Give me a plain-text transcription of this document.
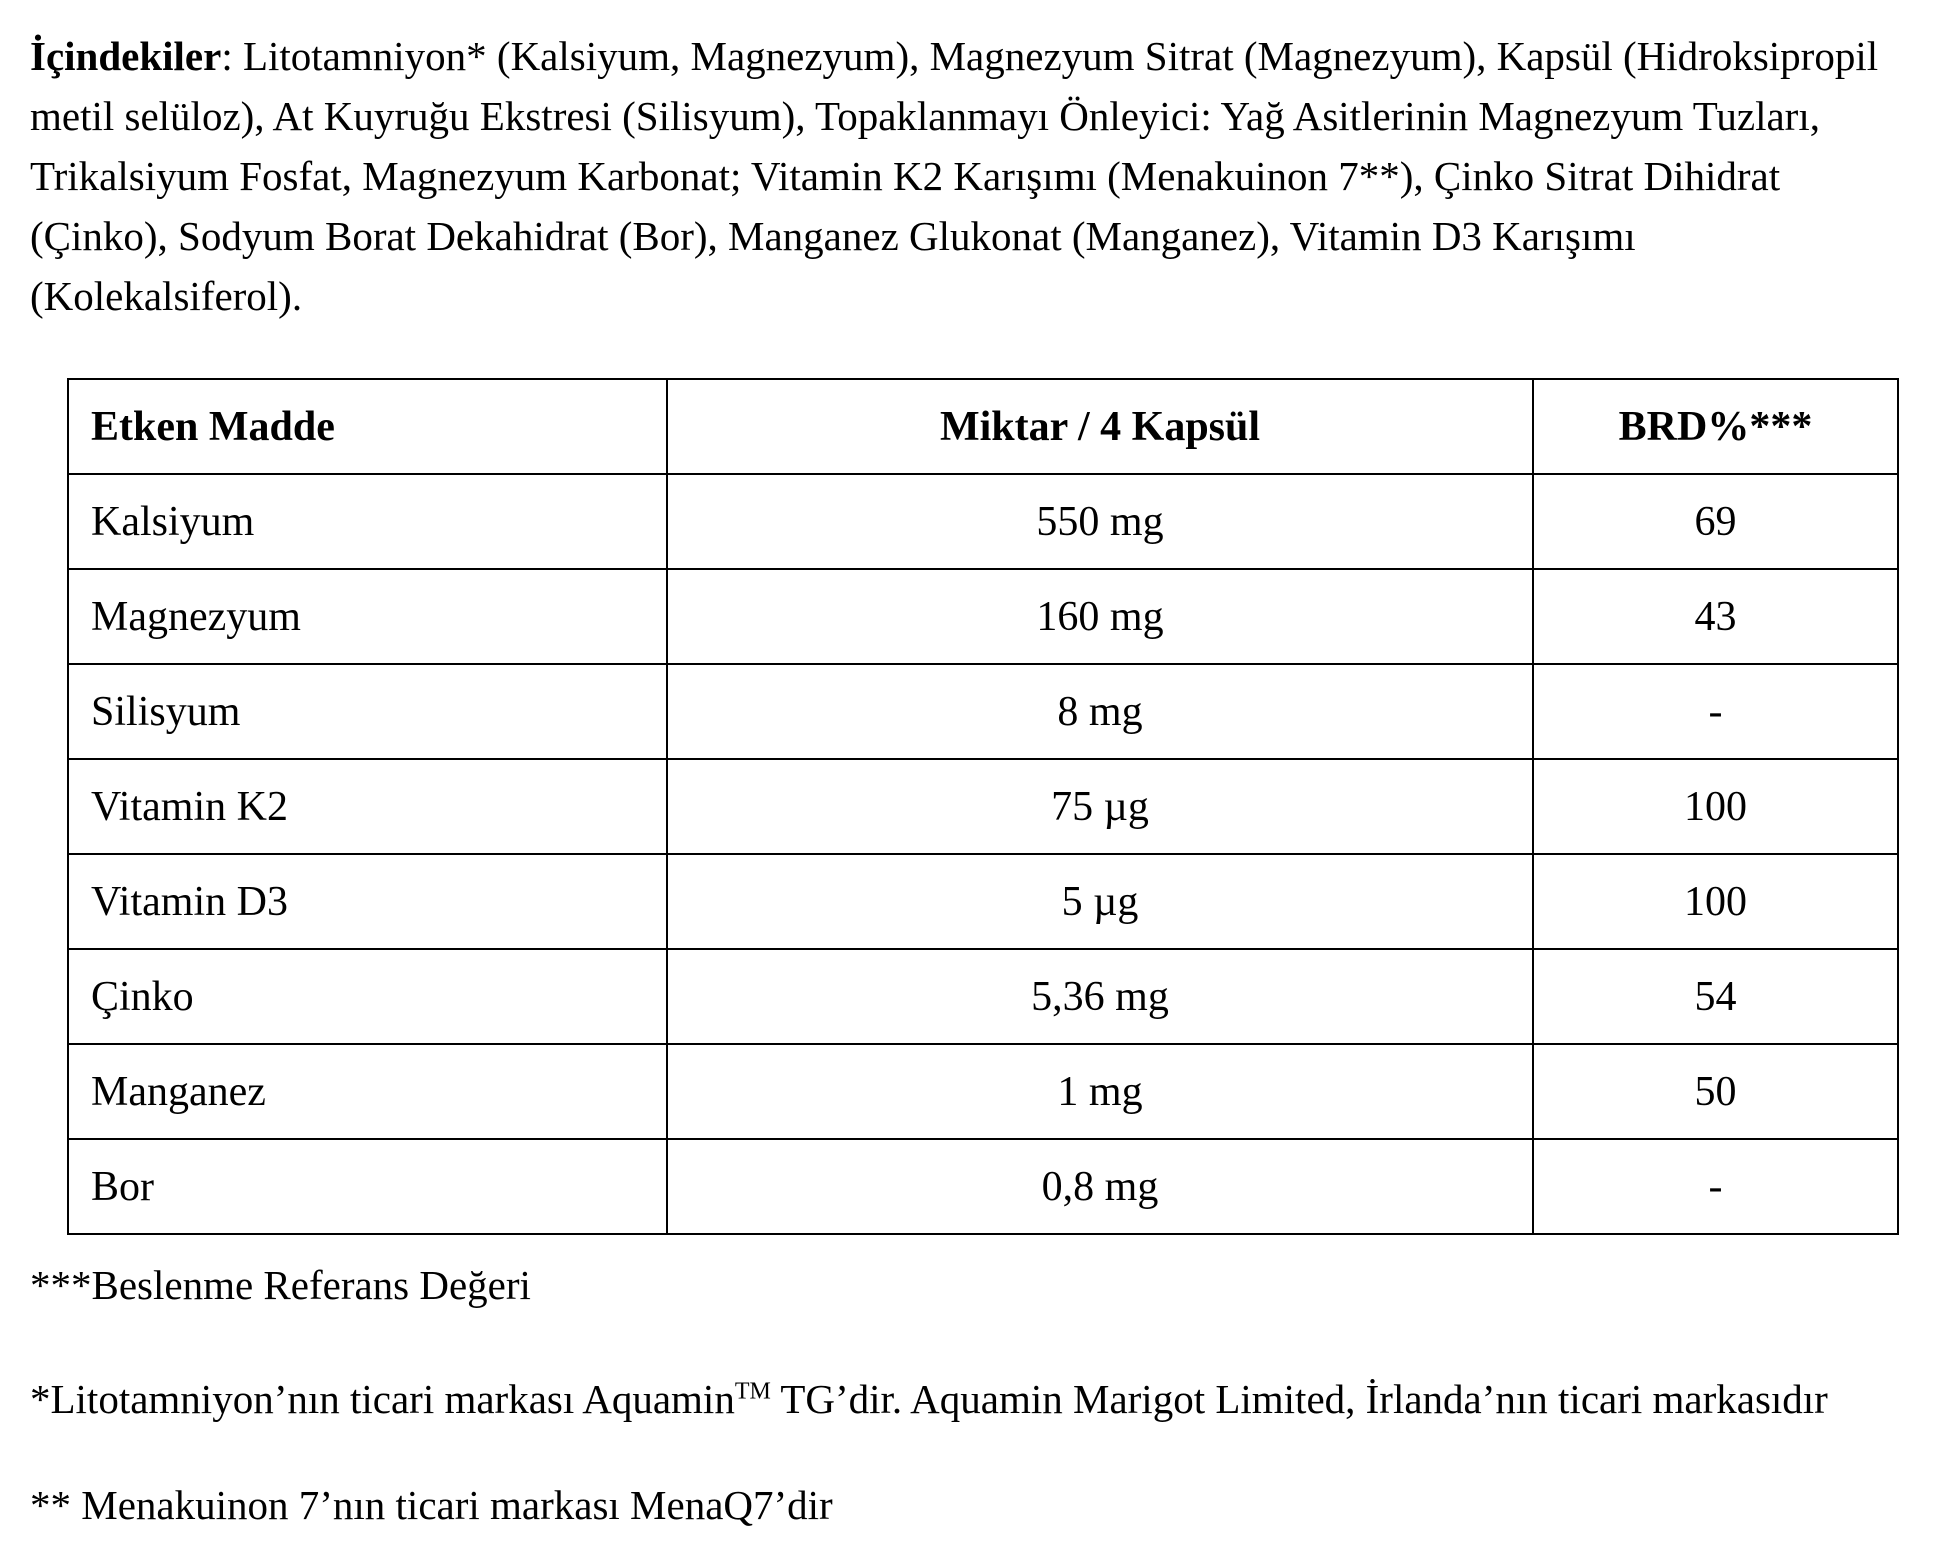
İçindekiler: Litotamniyon* (Kalsiyum, Magnezyum), Magnezyum Sitrat (Magnezyum), Kapsül (Hidroksipropil metil selüloz), At Kuyruğu Ekstresi (Silisyum), Topaklanmayı Önleyici: Yağ Asitlerinin Magnezyum Tuzları, Trikalsiyum Fosfat, Magnezyum Karbonat; Vitamin K2 Karışımı (Menakuinon 7**), Çinko Sitrat Dihidrat (Çinko), Sodyum Borat Dekahidrat (Bor), Manganez Glukonat (Manganez), Vitamin D3 Karışımı (Kolekalsiferol).

Etken Madde	Miktar / 4 Kapsül	BRD%***
Kalsiyum	550 mg	69
Magnezyum	160 mg	43
Silisyum	8 mg	-
Vitamin K2	75 µg	100
Vitamin D3	5 µg	100
Çinko	5,36 mg	54
Manganez	1 mg	50
Bor	0,8 mg	-

***Beslenme Referans Değeri

*Litotamniyon’nın ticari markası Aquamin™ TG’dir. Aquamin Marigot Limited, İrlanda’nın ticari markasıdır

** Menakuinon 7’nın ticari markası MenaQ7’dir
